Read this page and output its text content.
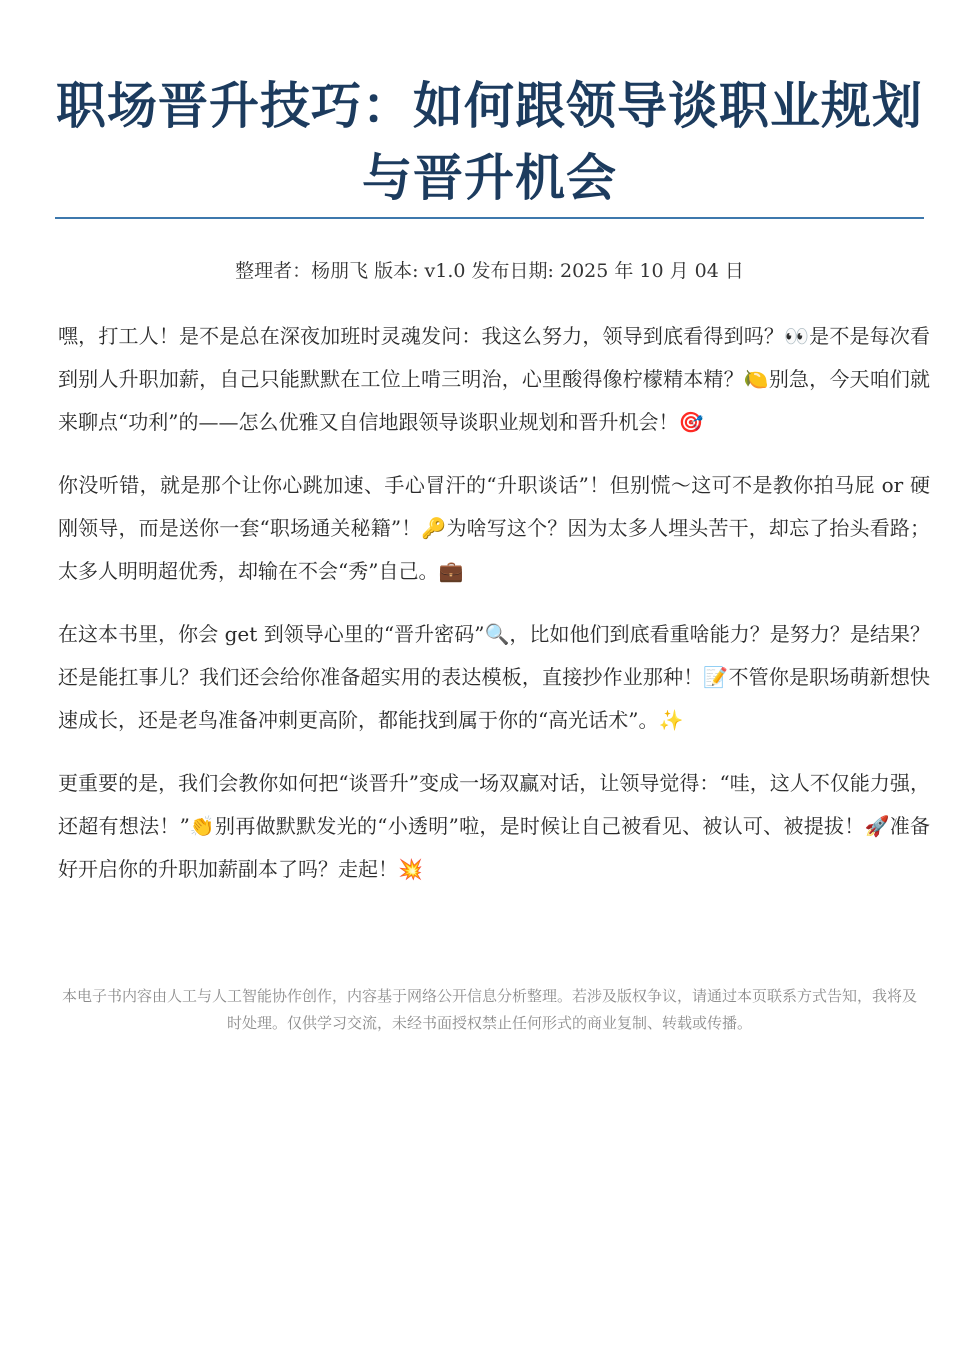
职场晋升技巧：如何跟领导谈职业规划与晋升机会
整理者：杨朋飞 版本: v1.0 发布日期: 2025 年 10 月 04 日

嘿，打工人！是不是总在深夜加班时灵魂发问：我这么努力，领导到底看得到吗？👀是不是每次看到别人升职加薪，自己只能默默在工位上啃三明治，心里酸得像柠檬精本精？🍋别急，今天咱们就来聊点“功利”的——怎么优雅又自信地跟领导谈职业规划和晋升机会！🎯

你没听错，就是那个让你心跳加速、手心冒汗的“升职谈话”！但别慌～这可不是教你拍马屁 or 硬刚领导，而是送你一套“职场通关秘籍”！🔑为啥写这个？因为太多人埋头苦干，却忘了抬头看路；太多人明明超优秀，却输在不会“秀”自己。💼

在这本书里，你会 get 到领导心里的“晋升密码”🔍，比如他们到底看重啥能力？是努力？是结果？还是能扛事儿？我们还会给你准备超实用的表达模板，直接抄作业那种！📝不管你是职场萌新想快速成长，还是老鸟准备冲刺更高阶，都能找到属于你的“高光话术”。✨

更重要的是，我们会教你如何把“谈晋升”变成一场双赢对话，让领导觉得：“哇，这人不仅能力强，还超有想法！”👏别再做默默发光的“小透明”啦，是时候让自己被看见、被认可、被提拔！🚀准备好开启你的升职加薪副本了吗？走起！💥

本电子书内容由人工与人工智能协作创作，内容基于网络公开信息分析整理。若涉及版权争议，请通过本页联系方式告知，我将及时处理。仅供学习交流，未经书面授权禁止任何形式的商业复制、转载或传播。
